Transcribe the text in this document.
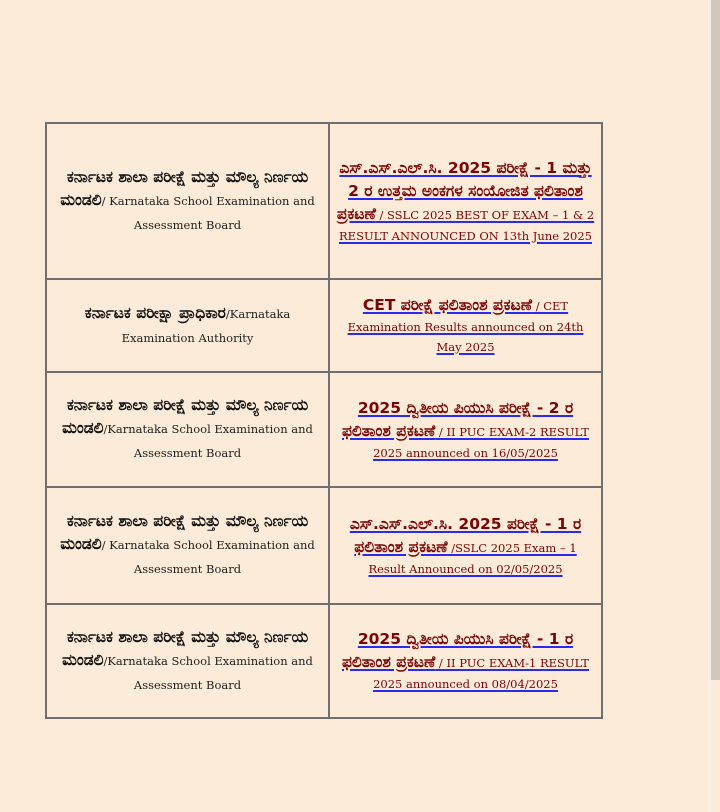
ಕರ್ನಾಟಕ ಶಾಲಾ ಪರೀಕ್ಷೆ ಮತ್ತು ಮೌಲ್ಯ ನಿರ್ಣಯ ಮಂಡಲಿ/ Karnataka School Examination and Assessment Board	ಎಸ್.ಎಸ್.ಎಲ್.ಸಿ. 2025 ಪರೀಕ್ಷೆ - 1 ಮತ್ತು 2 ರ ಉತ್ತಮ ಅಂಕಗಳ ಸಂಯೋಜಿತ ಫಲಿತಾಂಶ ಪ್ರಕಟಣೆ / SSLC 2025 BEST OF EXAM – 1 & 2 RESULT ANNOUNCED ON 13th June 2025
ಕರ್ನಾಟಕ ಪರೀಕ್ಷಾ ಪ್ರಾಧಿಕಾರ/Karnataka Examination Authority	CET ಪರೀಕ್ಷೆ ಫಲಿತಾಂಶ ಪ್ರಕಟಣೆ / CET Examination Results announced on 24th May 2025
ಕರ್ನಾಟಕ ಶಾಲಾ ಪರೀಕ್ಷೆ ಮತ್ತು ಮೌಲ್ಯ ನಿರ್ಣಯ ಮಂಡಲಿ/Karnataka School Examination and Assessment Board	2025 ದ್ವಿತೀಯ ಪಿಯುಸಿ ಪರೀಕ್ಷೆ - 2 ರ ಫಲಿತಾಂಶ ಪ್ರಕಟಣೆ / II PUC EXAM-2 RESULT 2025 announced on 16/05/2025
ಕರ್ನಾಟಕ ಶಾಲಾ ಪರೀಕ್ಷೆ ಮತ್ತು ಮೌಲ್ಯ ನಿರ್ಣಯ ಮಂಡಲಿ/ Karnataka School Examination and Assessment Board	ಎಸ್.ಎಸ್.ಎಲ್.ಸಿ. 2025 ಪರೀಕ್ಷೆ - 1 ರ ಫಲಿತಾಂಶ ಪ್ರಕಟಣೆ /SSLC 2025 Exam – 1 Result Announced on 02/05/2025
ಕರ್ನಾಟಕ ಶಾಲಾ ಪರೀಕ್ಷೆ ಮತ್ತು ಮೌಲ್ಯ ನಿರ್ಣಯ ಮಂಡಲಿ/Karnataka School Examination and Assessment Board	2025 ದ್ವಿತೀಯ ಪಿಯುಸಿ ಪರೀಕ್ಷೆ - 1 ರ ಫಲಿತಾಂಶ ಪ್ರಕಟಣೆ / II PUC EXAM-1 RESULT 2025 announced on 08/04/2025
